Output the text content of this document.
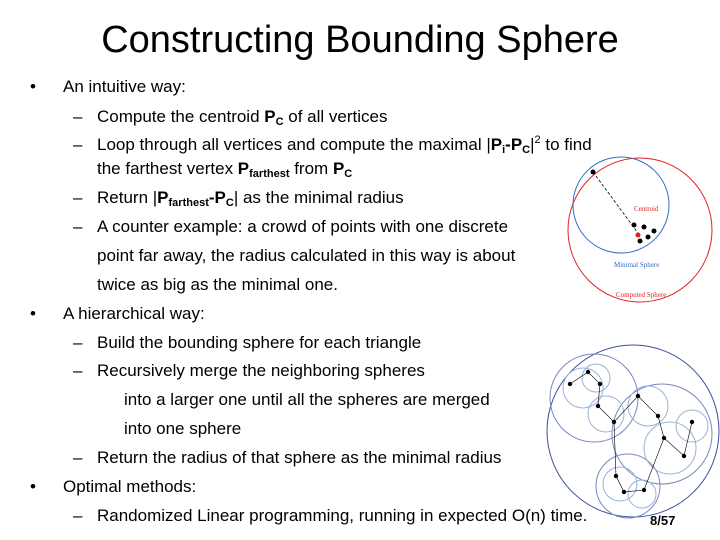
Constructing Bounding Sphere
• An intuitive way:
– Compute the centroid $P_C$ of all vertices
– Loop through all vertices and compute the maximal $|P_i-P_C|^2$ to find
the farthest vertex $P_{farthest}$ from $P_C$
– Return $|P_{farthest}-P_C|$ as the minimal radius
– A counter example: a crowd of points with one discrete
point far away, the radius calculated in this way is about
twice as big as the minimal one.
• A hierarchical way:
– Build the bounding sphere for each triangle
– Recursively merge the neighboring spheres
into a larger one until all the spheres are merged
into one sphere
– Return the radius of that sphere as the minimal radius
• Optimal methods:
– Randomized Linear programming, running in expected O(n) time.	8/57
Centroid
Minimal Sphere
Computed Sphere
